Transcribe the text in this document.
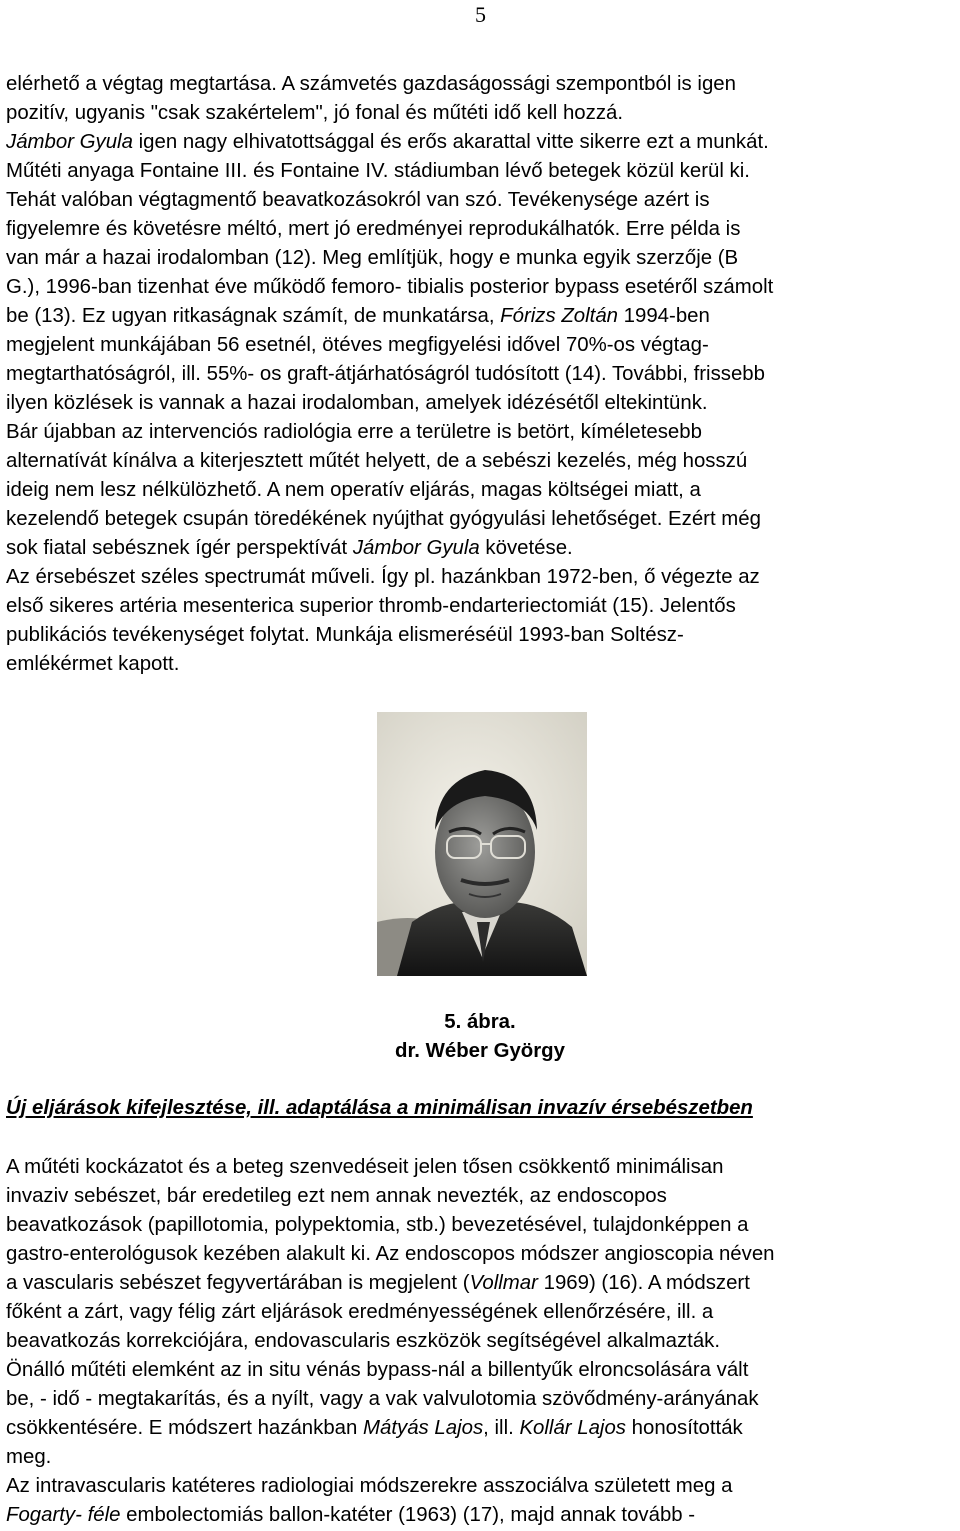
5
elérhető a végtag megtartása. A számvetés gazdaságossági szempontból is igen
pozitív, ugyanis "csak szakértelem", jó fonal és műtéti idő kell hozzá.
Jámbor Gyula igen nagy elhivatottsággal és erős akarattal vitte sikerre ezt a munkát.
Műtéti anyaga Fontaine III. és Fontaine IV. stádiumban lévő betegek közül kerül ki.
Tehát valóban végtagmentő beavatkozásokról van szó. Tevékenysége azért is
figyelemre és követésre méltó, mert jó eredményei reprodukálhatók. Erre példa is
van már a hazai irodalomban (12). Meg említjük, hogy e munka egyik szerzője (B
G.), 1996-ban tizenhat éve működő femoro- tibialis posterior bypass esetéről számolt
be (13). Ez ugyan ritkaságnak számít, de munkatársa, Fórizs Zoltán 1994-ben
megjelent munkájában 56 esetnél, ötéves megfigyelési idővel 70%-os végtag-
megtarthatóságról, ill. 55%- os graft-átjárhatóságról tudósított (14). További, frissebb
ilyen közlések is vannak a hazai irodalomban, amelyek idézésétől eltekintünk.
Bár újabban az intervenciós radiológia erre a területre is betört, kíméletesebb
alternatívát kínálva a kiterjesztett műtét helyett, de a sebészi kezelés, még hosszú
ideig nem lesz nélkülözhető. A nem operatív eljárás, magas költségei miatt, a
kezelendő betegek csupán töredékének nyújthat gyógyulási lehetőséget. Ezért még
sok fiatal sebésznek ígér perspektívát Jámbor Gyula követése.
Az érsebészet széles spectrumát műveli. Így pl. hazánkban 1972-ben, ő végezte az
első sikeres artéria mesenterica superior thromb-endarteriectomiát (15). Jelentős
publikációs tevékenységet folytat. Munkája elismeréséül 1993-ban Soltész-
emlékérmet kapott.
5. ábra.
dr. Wéber György
Új eljárások kifejlesztése, ill. adaptálása a minimálisan invazív érsebészetben
A műtéti kockázatot és a beteg szenvedéseit jelen tősen csökkentő minimálisan
invaziv sebészet, bár eredetileg ezt nem annak nevezték, az endoscopos
beavatkozások (papillotomia, polypektomia, stb.) bevezetésével, tulajdonképpen a
gastro-enterológusok kezében alakult ki. Az endoscopos módszer angioscopia néven
a vascularis sebészet fegyvertárában is megjelent (Vollmar 1969) (16). A módszert
főként a zárt, vagy félig zárt eljárások eredményességének ellenőrzésére, ill. a
beavatkozás korrekciójára, endovascularis eszközök segítségével alkalmazták.
Önálló műtéti elemként az in situ vénás bypass-nál a billentyűk elroncsolására vált
be, - idő - megtakarítás, és a nyílt, vagy a vak valvulotomia szövődmény-arányának
csökkentésére. E módszert hazánkban Mátyás Lajos, ill. Kollár Lajos honosították
meg.
Az intravascularis katéteres radiologiai módszerekre asszociálva született meg a
Fogarty- féle embolectomiás ballon-katéter (1963) (17), majd annak tovább -
